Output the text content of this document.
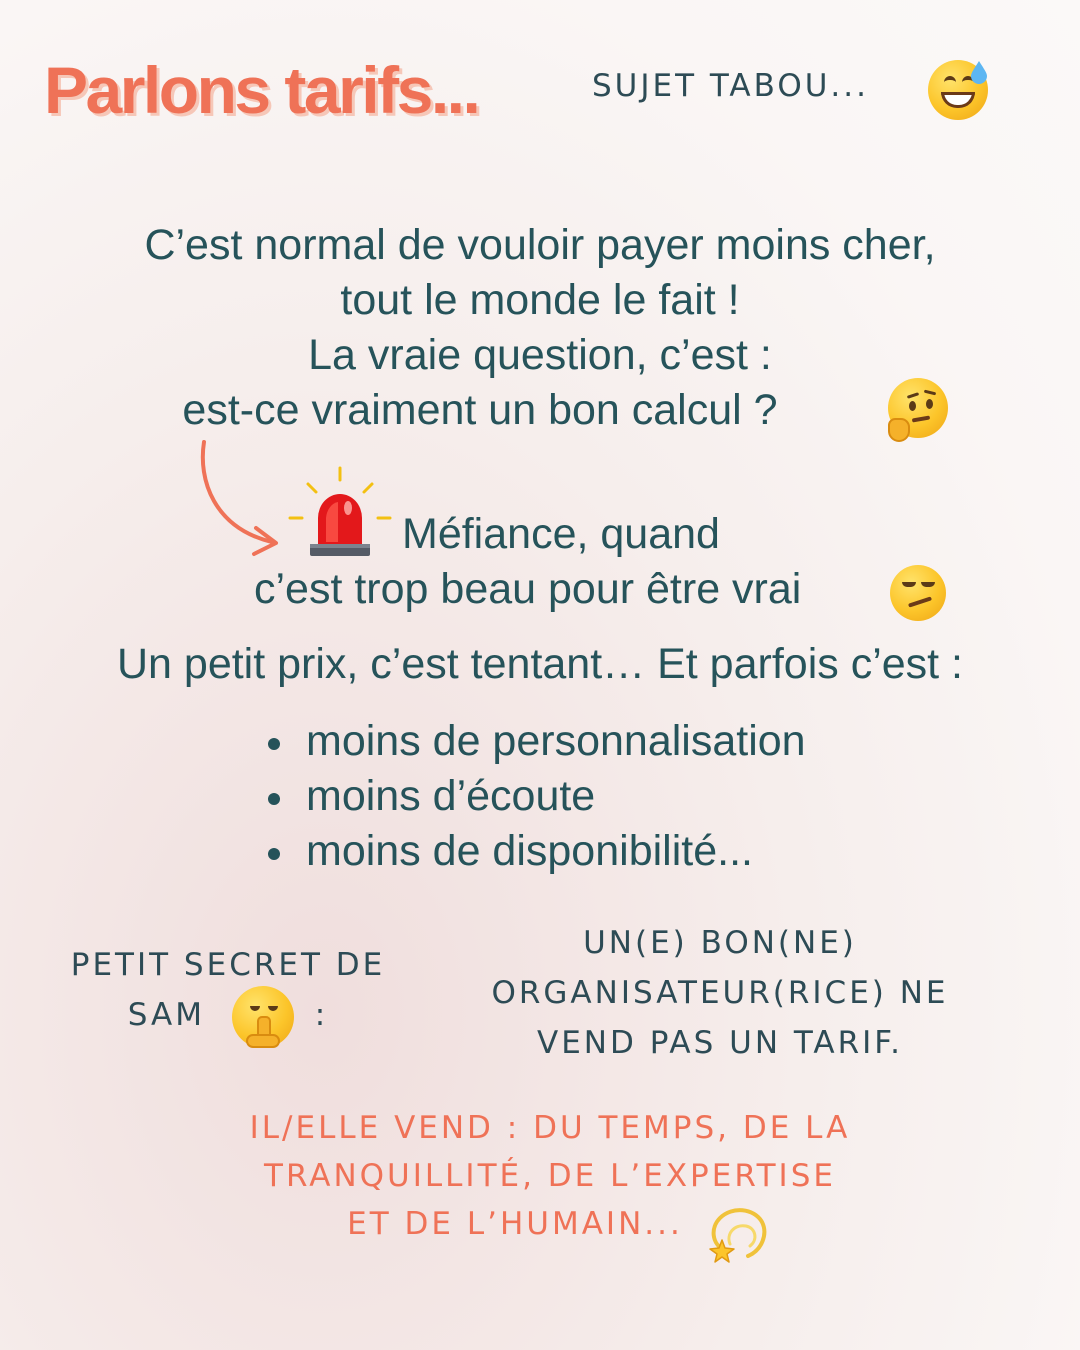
Parlons tarifs...	SUJET TABOU...
C’est normal de vouloir payer moins cher,
tout le monde le fait !
La vraie question, c’est :
est-ce vraiment un bon calcul ?
Méfiance, quand
c’est trop beau pour être vrai
Un petit prix, c’est tentant… Et parfois c’est :
moins de personnalisation
moins d’écoute
moins de disponibilité...
PETIT SECRET DE
SAM	:
UN(E) BON(NE)
ORGANISATEUR(RICE) NE
VEND PAS UN TARIF.
IL/ELLE VEND : DU TEMPS, DE LA
TRANQUILLITÉ, DE L’EXPERTISE
ET DE L’HUMAIN...
